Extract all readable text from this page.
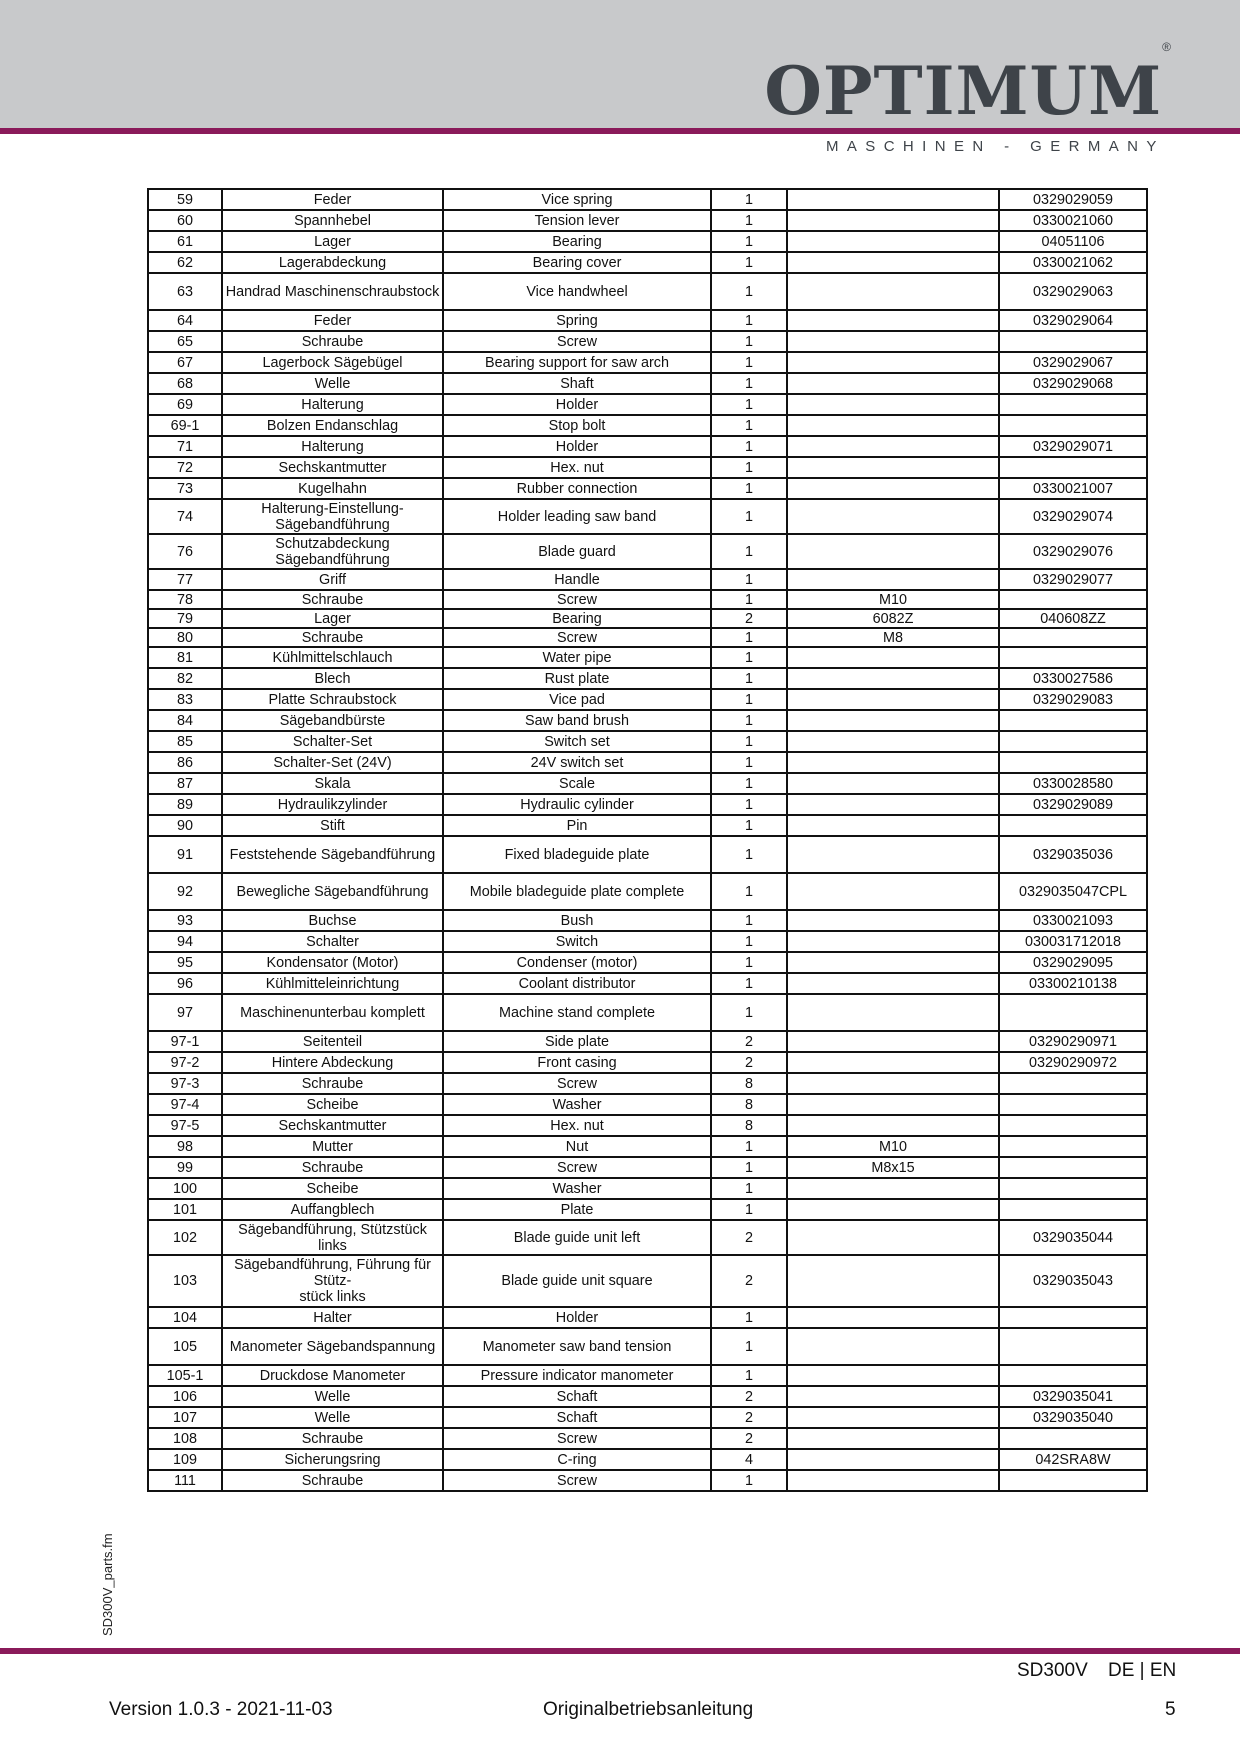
OPTIMUM®
MASCHINEN - GERMANY
59	Feder	Vice spring	1		0329029059
60	Spannhebel	Tension lever	1		0330021060
61	Lager	Bearing	1		04051106
62	Lagerabdeckung	Bearing cover	1		0330021062
63	Handrad Maschinenschraubstock	Vice handwheel	1		0329029063
64	Feder	Spring	1		0329029064
65	Schraube	Screw	1		
67	Lagerbock Sägebügel	Bearing support for saw arch	1		0329029067
68	Welle	Shaft	1		0329029068
69	Halterung	Holder	1		
69-1	Bolzen Endanschlag	Stop bolt	1		
71	Halterung	Holder	1		0329029071
72	Sechskantmutter	Hex. nut	1		
73	Kugelhahn	Rubber connection	1		0330021007
74	Halterung-Einstellung-
Sägebandführung	Holder leading saw band	1		0329029074
76	Schutzabdeckung
Sägebandführung	Blade guard	1		0329029076
77	Griff	Handle	1		0329029077
78	Schraube	Screw	1	M10	
79	Lager	Bearing	2	6082Z	040608ZZ
80	Schraube	Screw	1	M8	
81	Kühlmittelschlauch	Water pipe	1		
82	Blech	Rust plate	1		0330027586
83	Platte Schraubstock	Vice pad	1		0329029083
84	Sägebandbürste	Saw band brush	1		
85	Schalter-Set	Switch set	1		
86	Schalter-Set (24V)	24V switch set	1		
87	Skala	Scale	1		0330028580
89	Hydraulikzylinder	Hydraulic cylinder	1		0329029089
90	Stift	Pin	1		
91	Feststehende Sägebandführung	Fixed bladeguide plate	1		0329035036
92	Bewegliche Sägebandführung	Mobile bladeguide plate complete	1		0329035047CPL
93	Buchse	Bush	1		0330021093
94	Schalter	Switch	1		030031712018
95	Kondensator (Motor)	Condenser (motor)	1		0329029095
96	Kühlmitteleinrichtung	Coolant distributor	1		03300210138
97	Maschinenunterbau komplett	Machine stand complete	1		
97-1	Seitenteil	Side plate	2		03290290971
97-2	Hintere Abdeckung	Front casing	2		03290290972
97-3	Schraube	Screw	8		
97-4	Scheibe	Washer	8		
97-5	Sechskantmutter	Hex. nut	8		
98	Mutter	Nut	1	M10	
99	Schraube	Screw	1	M8x15	
100	Scheibe	Washer	1		
101	Auffangblech	Plate	1		
102	Sägebandführung, Stützstück
links	Blade guide unit left	2		0329035044
103	Sägebandführung, Führung für
Stütz-
stück links	Blade guide unit square	2		0329035043
104	Halter	Holder	1		
105	Manometer Sägebandspannung	Manometer saw band tension	1		
105-1	Druckdose Manometer	Pressure indicator manometer	1		
106	Welle	Schaft	2		0329035041
107	Welle	Schaft	2		0329035040
108	Schraube	Screw	2		
109	Sicherungsring	C-ring	4		042SRA8W
111	Schraube	Screw	1		
SD300V_parts.fm
SD300V DE | EN
Version 1.0.3 - 2021-11-03	Originalbetriebsanleitung	5
